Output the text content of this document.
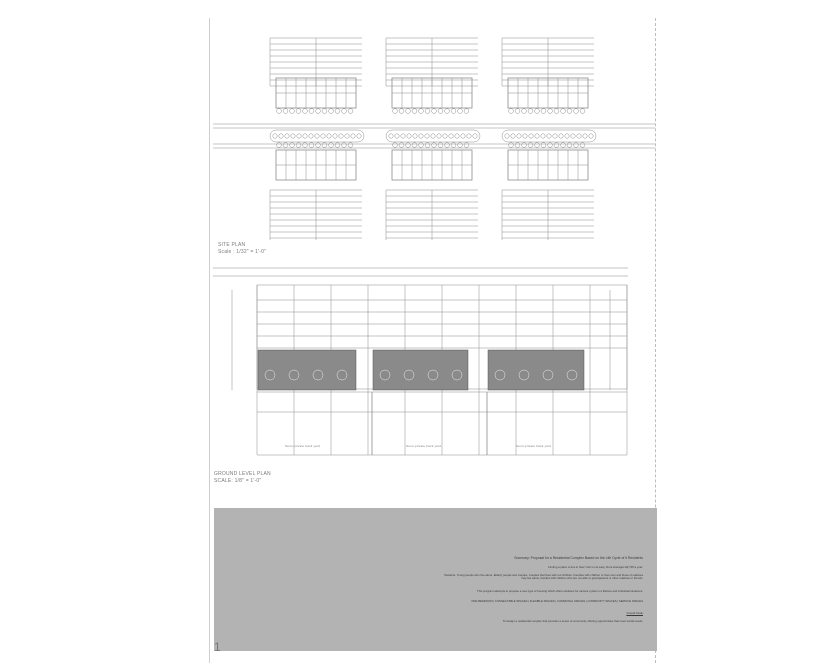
SITE PLAN
Scale : 1/32" = 1'-0"
Semi-private back yard	Semi-private back yard	Semi-private back yard
GROUND LEVEL PLAN
SCALE: 1/8" = 1'-0"
Summary: Proposal for a Residential Complex Based on the Life Cycle of it Residents
Finding a place to live in New York is not easy. Rent averages $2,795 a year.
Students, Young people who live alone, Elderly people and couples, Couples that lives with out children, Families with children or their own and those of relatives may live alone, families with children who are not able to grandparents or other relatives or friends.
This program attempts to propose a new type of housing which offers solutions for various cycles in a lifetime and individual situations.
ONE BEDROOM | CONNECTABLE SPACES | FLEXIBLE SPACES | COMMUNAL SPACES | COMMUNITY SPACES | SERVICE SPACES
Overall Scale
To design a residential complex that provides a sense of community offering opportunities that meet social needs.
1
